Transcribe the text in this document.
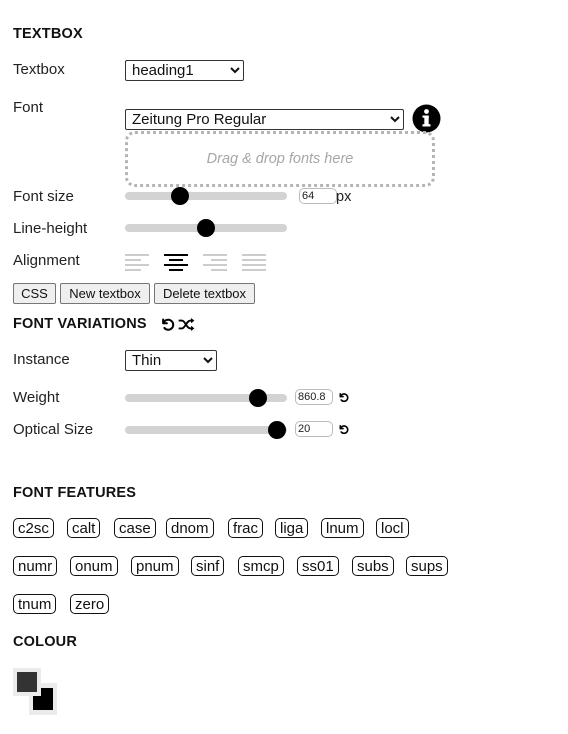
TEXTBOX
Textbox
heading1
Font
Zeitung Pro Regular
Drag & drop fonts here
Font size
64	px
Line-height
Alignment
CSS	New textbox	Delete textbox
FONT VARIATIONS
Instance
Thin
Weight
860.8
Optical Size
20
FONT FEATURES
c2sc	calt	case	dnom	frac	liga	lnum	locl
numr	onum	pnum	sinf	smcp	ss01	subs	sups
tnum	zero
COLOUR
